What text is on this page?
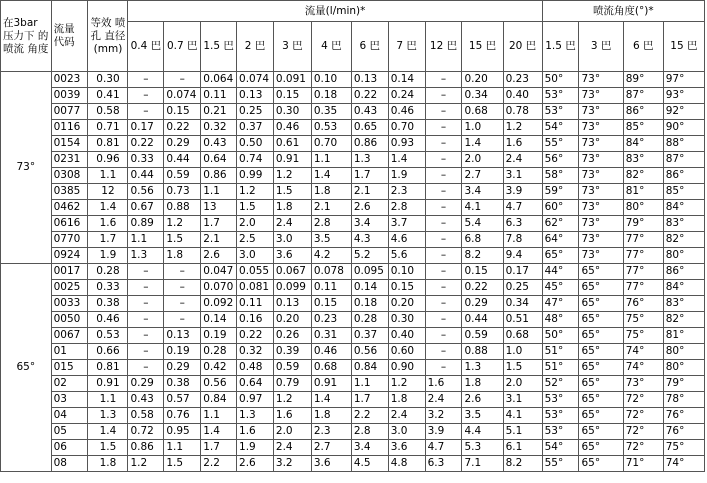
在3bar 压力下 的喷流 角度	流量 代码	等效 喷孔 直径 (mm)	流量(l/min)*											喷流角度(°)*			
			0.4 巴	0.7 巴	1.5 巴	2 巴	3 巴	4 巴	6 巴	7 巴	12 巴	15 巴	20 巴	1.5 巴	3 巴	6 巴	15 巴
73°	0023	0.30	–	–	0.064	0.074	0.091	0.10	0.13	0.14	–	0.20	0.23	50°	73°	89°	97°
	0039	0.41	–	0.074	0.11	0.13	0.15	0.18	0.22	0.24	–	0.34	0.40	53°	73°	87°	93°
	0077	0.58	–	0.15	0.21	0.25	0.30	0.35	0.43	0.46	–	0.68	0.78	53°	73°	86°	92°
	0116	0.71	0.17	0.22	0.32	0.37	0.46	0.53	0.65	0.70	–	1.0	1.2	54°	73°	85°	90°
	0154	0.81	0.22	0.29	0.43	0.50	0.61	0.70	0.86	0.93	–	1.4	1.6	55°	73°	84°	88°
	0231	0.96	0.33	0.44	0.64	0.74	0.91	1.1	1.3	1.4	–	2.0	2.4	56°	73°	83°	87°
	0308	1.1	0.44	0.59	0.86	0.99	1.2	1.4	1.7	1.9	–	2.7	3.1	58°	73°	82°	86°
	0385	12	0.56	0.73	1.1	1.2	1.5	1.8	2.1	2.3	–	3.4	3.9	59°	73°	81°	85°
	0462	1.4	0.67	0.88	13	1.5	1.8	2.1	2.6	2.8	–	4.1	4.7	60°	73°	80°	84°
	0616	1.6	0.89	1.2	1.7	2.0	2.4	2.8	3.4	3.7	–	5.4	6.3	62°	73°	79°	83°
	0770	1.7	1.1	1.5	2.1	2.5	3.0	3.5	4.3	4.6	–	6.8	7.8	64°	73°	77°	82°
	0924	1.9	1.3	1.8	2.6	3.0	3.6	4.2	5.2	5.6	–	8.2	9.4	65°	73°	77°	80°
65°	0017	0.28	–	–	0.047	0.055	0.067	0.078	0.095	0.10	–	0.15	0.17	44°	65°	77°	86°
	0025	0.33	–	–	0.070	0.081	0.099	0.11	0.14	0.15	–	0.22	0.25	45°	65°	77°	84°
	0033	0.38	–	–	0.092	0.11	0.13	0.15	0.18	0.20	–	0.29	0.34	47°	65°	76°	83°
	0050	0.46	–	–	0.14	0.16	0.20	0.23	0.28	0.30	–	0.44	0.51	48°	65°	75°	82°
	0067	0.53	–	0.13	0.19	0.22	0.26	0.31	0.37	0.40	–	0.59	0.68	50°	65°	75°	81°
	01	0.66	–	0.19	0.28	0.32	0.39	0.46	0.56	0.60	–	0.88	1.0	51°	65°	74°	80°
	015	0.81	–	0.29	0.42	0.48	0.59	0.68	0.84	0.90	–	1.3	1.5	51°	65°	74°	80°
	02	0.91	0.29	0.38	0.56	0.64	0.79	0.91	1.1	1.2	1.6	1.8	2.0	52°	65°	73°	79°
	03	1.1	0.43	0.57	0.84	0.97	1.2	1.4	1.7	1.8	2.4	2.6	3.1	53°	65°	72°	78°
	04	1.3	0.58	0.76	1.1	1.3	1.6	1.8	2.2	2.4	3.2	3.5	4.1	53°	65°	72°	76°
	05	1.4	0.72	0.95	1.4	1.6	2.0	2.3	2.8	3.0	3.9	4.4	5.1	53°	65°	72°	76°
	06	1.5	0.86	1.1	1.7	1.9	2.4	2.7	3.4	3.6	4.7	5.3	6.1	54°	65°	72°	75°
	08	1.8	1.2	1.5	2.2	2.6	3.2	3.6	4.5	4.8	6.3	7.1	8.2	55°	65°	71°	74°
